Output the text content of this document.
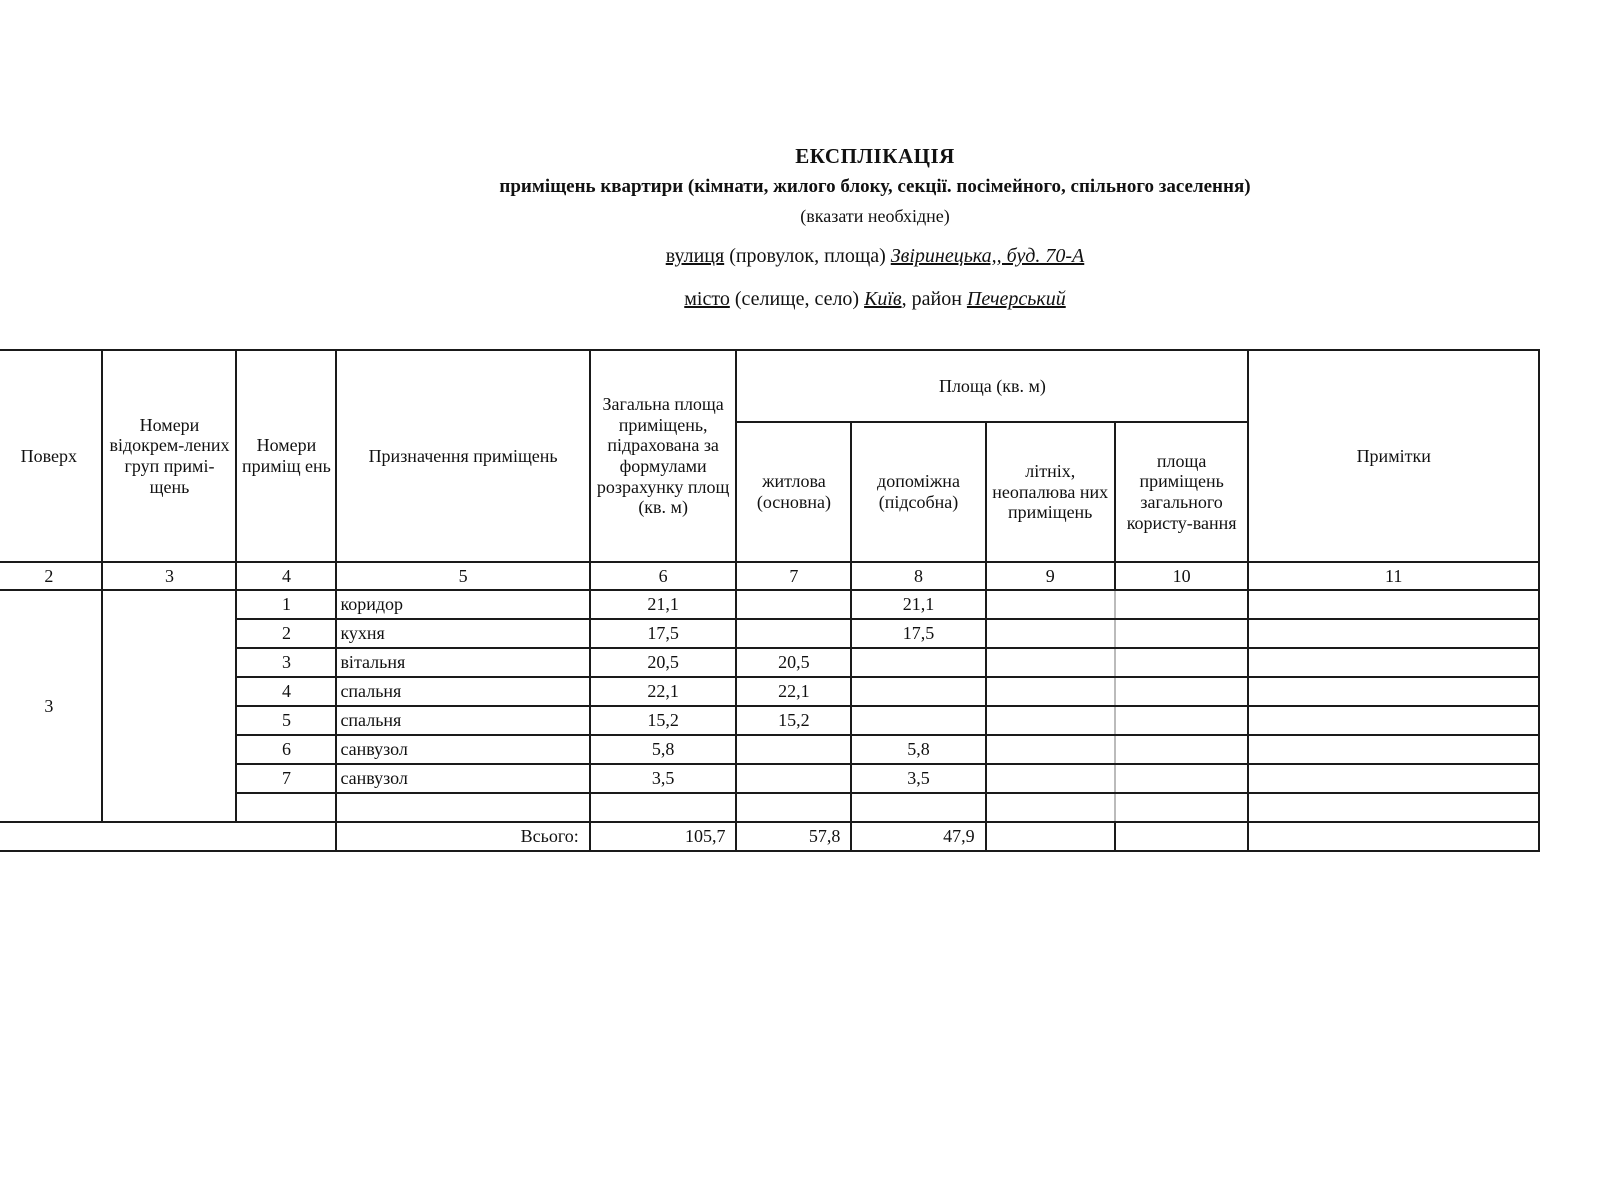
ЕКСПЛІКАЦІЯ
приміщень квартири (кімнати, жилого блоку, секції. посімейного, спільного заселення)
(вказати необхідне)
вулиця (провулок, площа) Звіринецька,, буд. 70-А
місто (селище, село) Київ, район Печерський
	Поверх	Номери відокрем-лених груп примі-щень	Номери примiщ ень	Призначення приміщень	Загальна площа приміщень, підрахована за формулами розрахунку площ (кв. м)	Площа (кв. м)				Примітки
						житлова (основна)	допоміжна (підсобна)	літніх, неопалюва них приміщень	площа приміщень загального користу-вання	
	2	3	4	5	6	7	8	9	10	11
	3		1	коридор	21,1		21,1			
			2	кухня	17,5		17,5			
			3	вітальня	20,5	20,5				
			4	спальня	22,1	22,1				
			5	спальня	15,2	15,2				
			6	санвузол	5,8		5,8			
			7	санвузол	3,5		3,5			

				Всього:	105,7	57,8	47,9			
